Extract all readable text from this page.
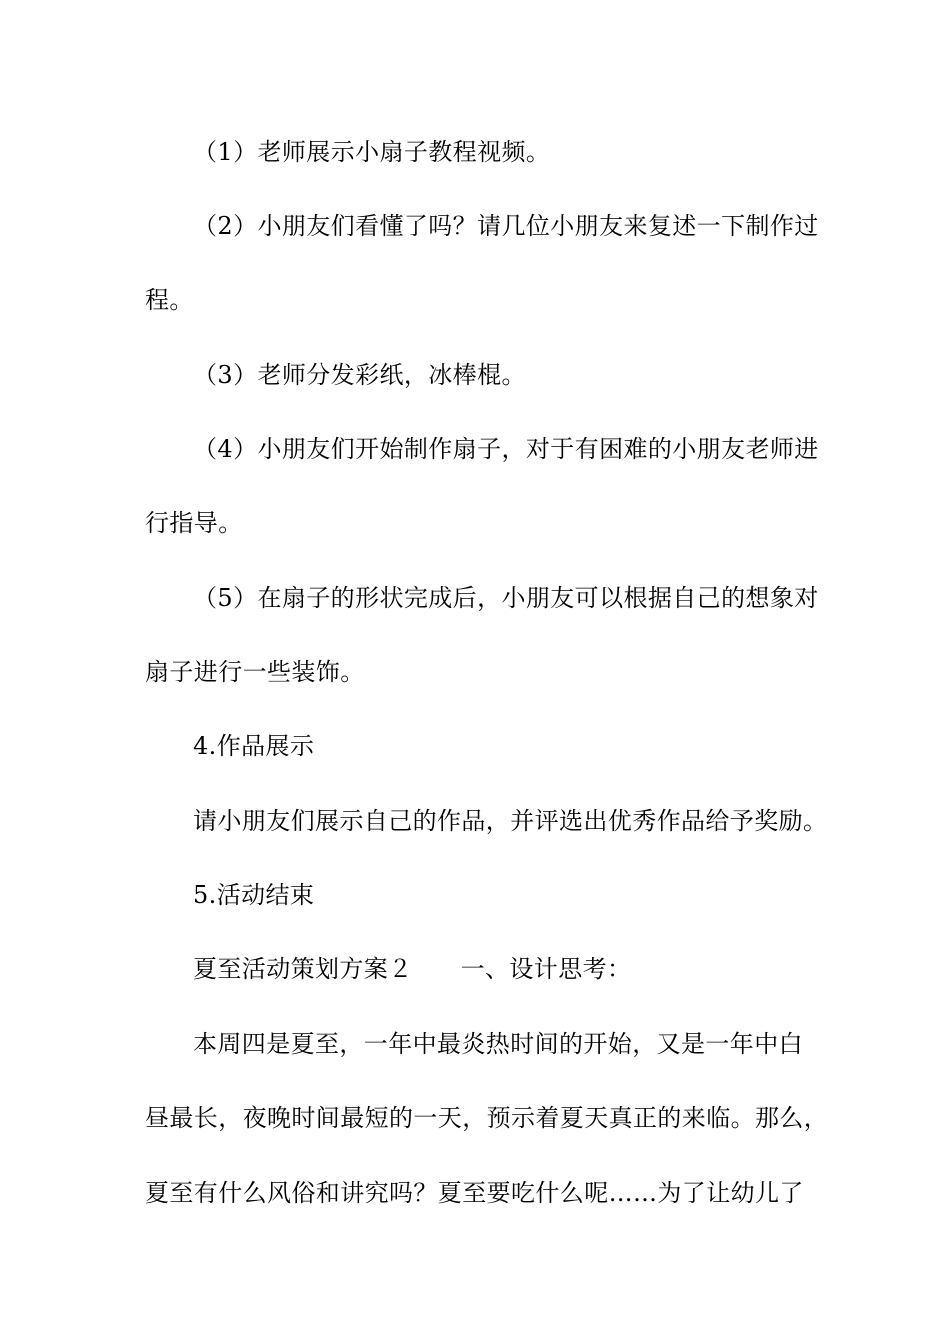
（1）老师展示小扇子教程视频。
（2）小朋友们看懂了吗？请几位小朋友来复述一下制作过
程。
（3）老师分发彩纸，冰棒棍。
（4）小朋友们开始制作扇子，对于有困难的小朋友老师进
行指导。
（5）在扇子的形状完成后，小朋友可以根据自己的想象对
扇子进行一些装饰。
4.作品展示
请小朋友们展示自己的作品，并评选出优秀作品给予奖励。
5.活动结束
夏至活动策划方案２ 一、设计思考：
本周四是夏至，一年中最炎热时间的开始，又是一年中白
昼最长，夜晚时间最短的一天，预示着夏天真正的来临。那么，
夏至有什么风俗和讲究吗？夏至要吃什么呢……为了让幼儿了
